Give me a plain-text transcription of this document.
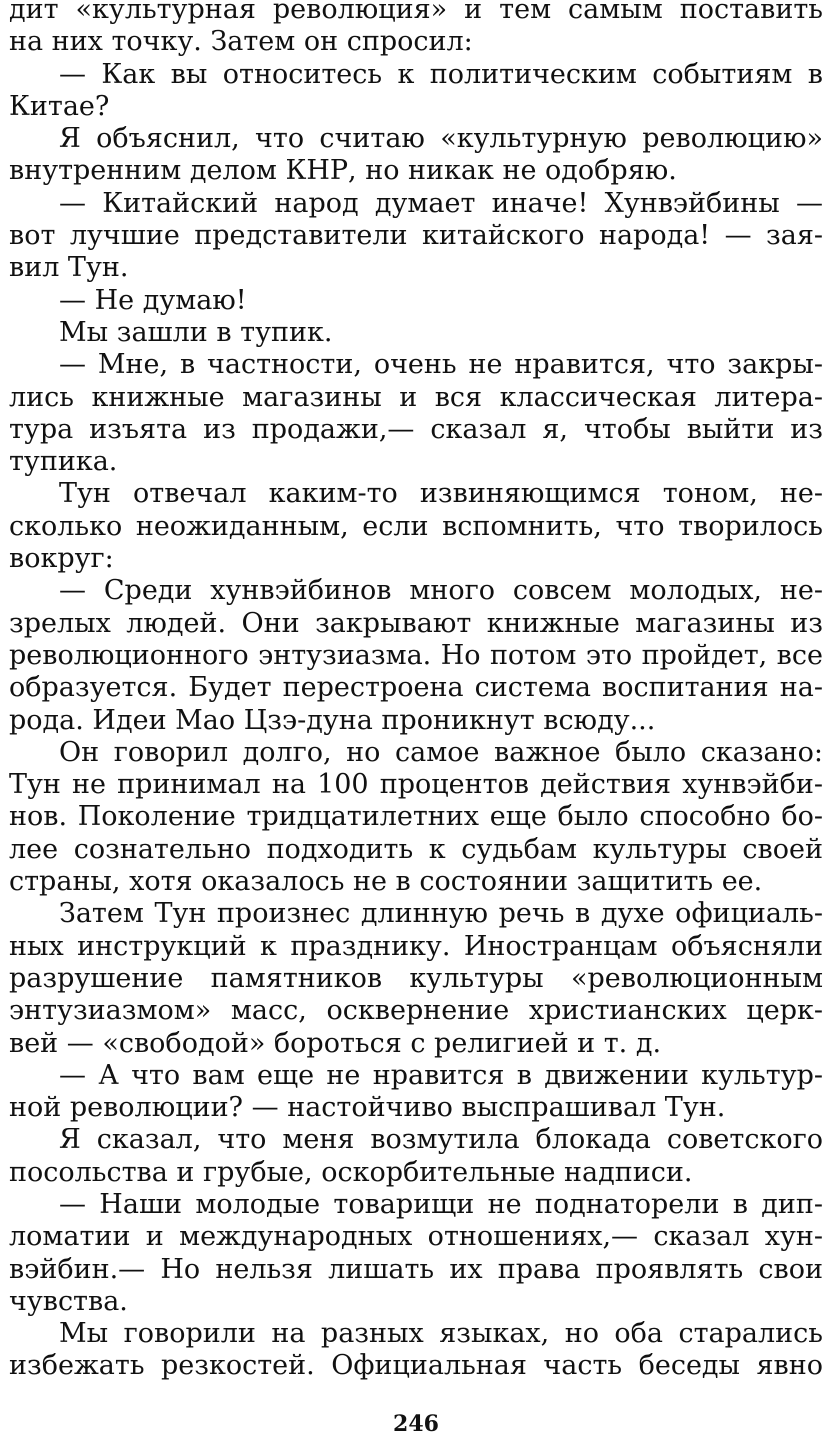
дит «культурная революция» и тем самым поставить
на них точку. Затем он спросил:
— Как вы относитесь к политическим событиям в
Китае?
Я объяснил, что считаю «культурную революцию»
внутренним делом КНР, но никак не одобряю.
— Китайский народ думает иначе! Хунвэйбины —
вот лучшие представители китайского народа! — зая-
вил Тун.
— Не думаю!
Мы зашли в тупик.
— Мне, в частности, очень не нравится, что закры-
лись книжные магазины и вся классическая литера-
тура изъята из продажи,— сказал я, чтобы выйти из
тупика.
Тун отвечал каким-то извиняющимся тоном, не-
сколько неожиданным, если вспомнить, что творилось
вокруг:
— Среди хунвэйбинов много совсем молодых, не-
зрелых людей. Они закрывают книжные магазины из
революционного энтузиазма. Но потом это пройдет, все
образуется. Будет перестроена система воспитания на-
рода. Идеи Мао Цзэ-дуна проникнут всюду...
Он говорил долго, но самое важное было сказано:
Тун не принимал на 100 процентов действия хунвэйби-
нов. Поколение тридцатилетних еще было способно бо-
лее сознательно подходить к судьбам культуры своей
страны, хотя оказалось не в состоянии защитить ее.
Затем Тун произнес длинную речь в духе официаль-
ных инструкций к празднику. Иностранцам объясняли
разрушение памятников культуры «революционным
энтузиазмом» масс, осквернение христианских церк-
вей — «свободой» бороться с религией и т. д.
— А что вам еще не нравится в движении культур-
ной революции? — настойчиво выспрашивал Тун.
Я сказал, что меня возмутила блокада советского
посольства и грубые, оскорбительные надписи.
— Наши молодые товарищи не поднаторели в дип-
ломатии и международных отношениях,— сказал хун-
вэйбин.— Но нельзя лишать их права проявлять свои
чувства.
Мы говорили на разных языках, но оба старались
избежать резкостей. Официальная часть беседы явно
246
